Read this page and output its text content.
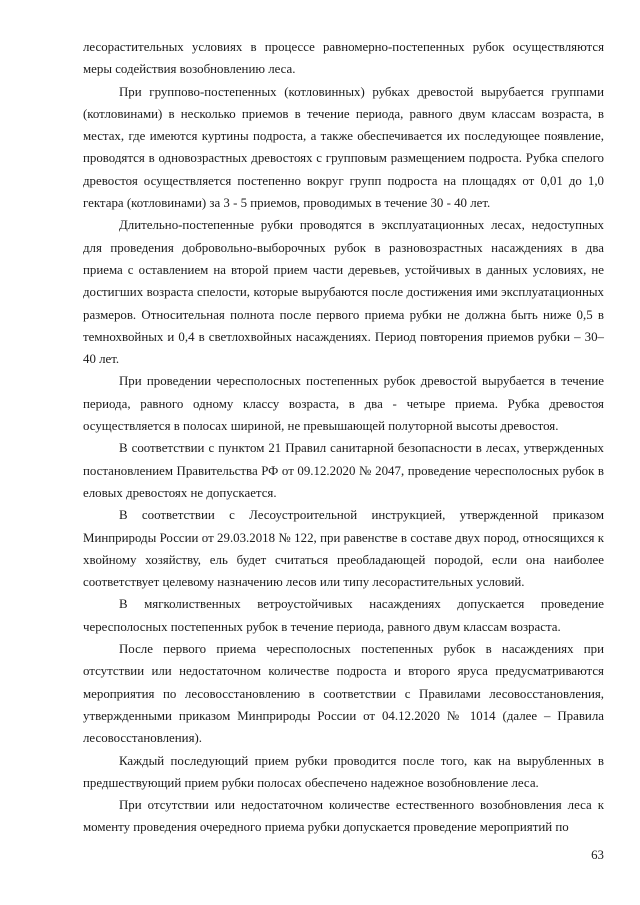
лесорастительных условиях в процессе равномерно-постепенных рубок осуществляются меры содействия возобновлению леса.

При группово-постепенных (котловинных) рубках древостой вырубается группами (котловинами) в несколько приемов в течение периода, равного двум классам возраста, в местах, где имеются куртины подроста, а также обеспечивается их последующее появление, проводятся в одновозрастных древостоях с групповым размещением подроста. Рубка спелого древостоя осуществляется постепенно вокруг групп подроста на площадях от 0,01 до 1,0 гектара (котловинами) за 3 - 5 приемов, проводимых в течение 30 - 40 лет.

Длительно-постепенные рубки проводятся в эксплуатационных лесах, недоступных для проведения добровольно-выборочных рубок в разновозрастных насаждениях в два приема с оставлением на второй прием части деревьев, устойчивых в данных условиях, не достигших возраста спелости, которые вырубаются после достижения ими эксплуатационных размеров. Относительная полнота после первого приема рубки не должна быть ниже 0,5 в темнохвойных и 0,4 в светлохвойных насаждениях. Период повторения приемов рубки – 30–40 лет.

При проведении чересполосных постепенных рубок древостой вырубается в течение периода, равного одному классу возраста, в два - четыре приема. Рубка древостоя осуществляется в полосах шириной, не превышающей полуторной высоты древостоя.

В соответствии с пунктом 21 Правил санитарной безопасности в лесах, утвержденных постановлением Правительства РФ от 09.12.2020 № 2047, проведение чересполосных рубок в еловых древостоях не допускается.

В соответствии с Лесоустроительной инструкцией, утвержденной приказом Минприроды России от 29.03.2018 № 122, при равенстве в составе двух пород, относящихся к хвойному хозяйству, ель будет считаться преобладающей породой, если она наиболее соответствует целевому назначению лесов или типу лесорастительных условий.

В мягколиственных ветроустойчивых насаждениях допускается проведение чересполосных постепенных рубок в течение периода, равного двум классам возраста.

После первого приема чересполосных постепенных рубок в насаждениях при отсутствии или недостаточном количестве подроста и второго яруса предусматриваются мероприятия по лесовосстановлению в соответствии с Правилами лесовосстановления, утвержденными приказом Минприроды России от 04.12.2020 № 1014 (далее – Правила лесовосстановления).

Каждый последующий прием рубки проводится после того, как на вырубленных в предшествующий прием рубки полосах обеспечено надежное возобновление леса.

При отсутствии или недостаточном количестве естественного возобновления леса к моменту проведения очередного приема рубки допускается проведение мероприятий по

63
